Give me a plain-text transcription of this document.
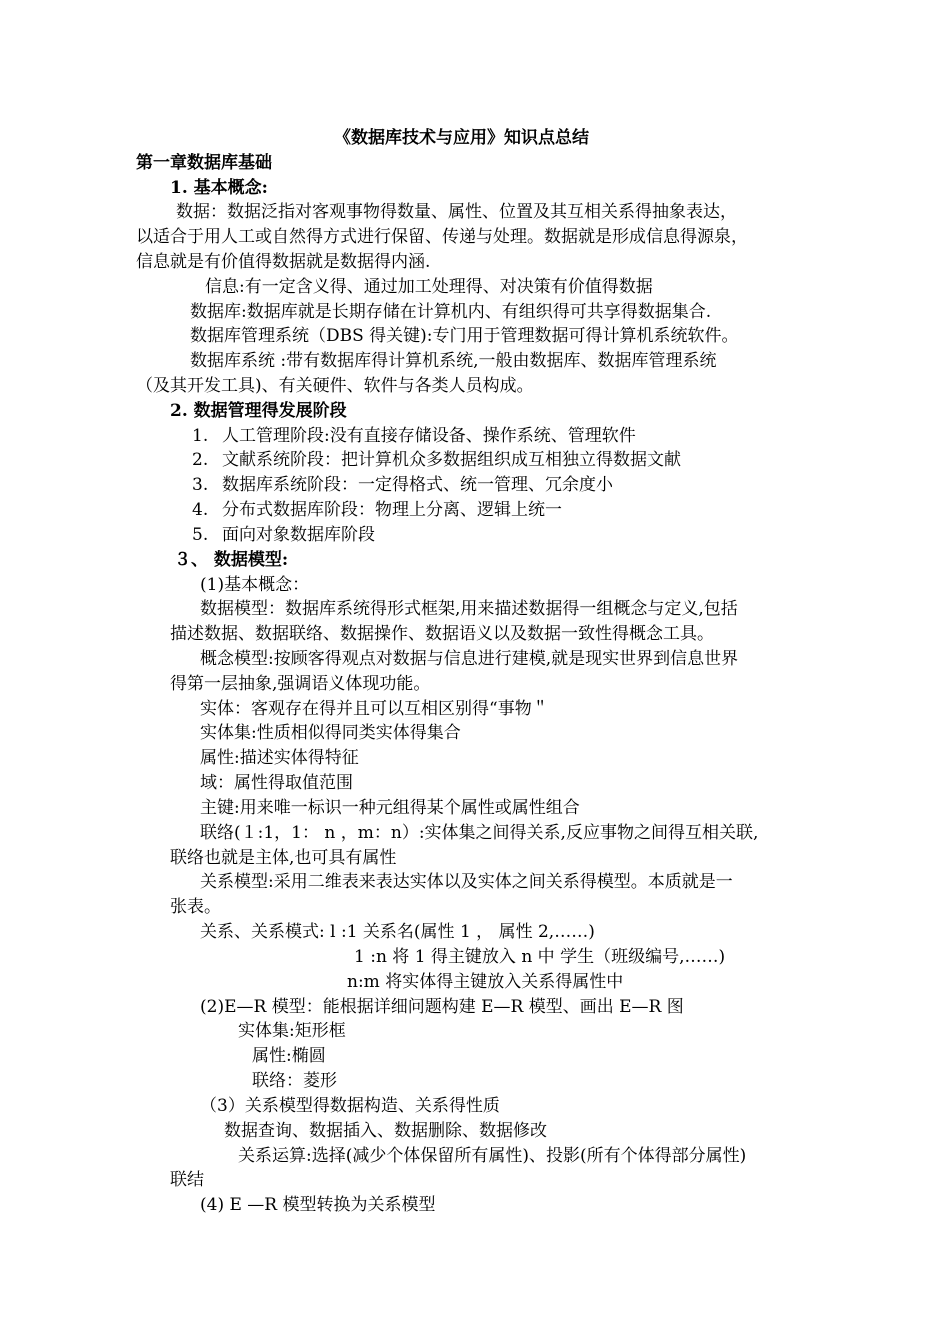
《数据库技术与应用》知识点总结
第一章数据库基础
1. 基本概念:
数据：数据泛指对客观事物得数量、属性、位置及其互相关系得抽象表达，
以适合于用人工或自然得方式进行保留、传递与处理。数据就是形成信息得源泉，
信息就是有价值得数据就是数据得内涵.
信息:有一定含义得、通过加工处理得、对决策有价值得数据
数据库:数据库就是长期存储在计算机内、有组织得可共享得数据集合.
数据库管理系统（DBS 得关键):专门用于管理数据可得计算机系统软件。
数据库系统 :带有数据库得计算机系统,一般由数据库、数据库管理系统
（及其开发工具)、有关硬件、软件与各类人员构成。
2. 数据管理得发展阶段
1. 人工管理阶段:没有直接存储设备、操作系统、管理软件
2. 文献系统阶段：把计算机众多数据组织成互相独立得数据文献
3. 数据库系统阶段：一定得格式、统一管理、冗余度小
4. 分布式数据库阶段：物理上分离、逻辑上统一
5. 面向对象数据库阶段
３、 数据模型:
(1)基本概念：
数据模型：数据库系统得形式框架,用来描述数据得一组概念与定义,包括
描述数据、数据联络、数据操作、数据语义以及数据一致性得概念工具。
概念模型:按顾客得观点对数据与信息进行建模,就是现实世界到信息世界
得第一层抽象,强调语义体现功能。
实体：客观存在得并且可以互相区别得“事物＂
实体集:性质相似得同类实体得集合
属性:描述实体得特征
域：属性得取值范围
主键:用来唯一标识一种元组得某个属性或属性组合
联络(１:1，1： n ，m：n）:实体集之间得关系,反应事物之间得互相关联,
联络也就是主体,也可具有属性
关系模型:采用二维表来表达实体以及实体之间关系得模型。本质就是一
张表。
关系、关系模式: l :1 关系名(属性 1 ， 属性 2,……)
1 :n 将 1 得主键放入 n 中 学生（班级编号,……)
n:m 将实体得主键放入关系得属性中
(2)E—R 模型：能根据详细问题构建 E—R 模型、画出 E—R 图
实体集:矩形框
属性:椭圆
联络：菱形
（3）关系模型得数据构造、关系得性质
数据查询、数据插入、数据删除、数据修改
关系运算:选择(减少个体保留所有属性)、投影(所有个体得部分属性)
联结
(4) E —R 模型转换为关系模型
